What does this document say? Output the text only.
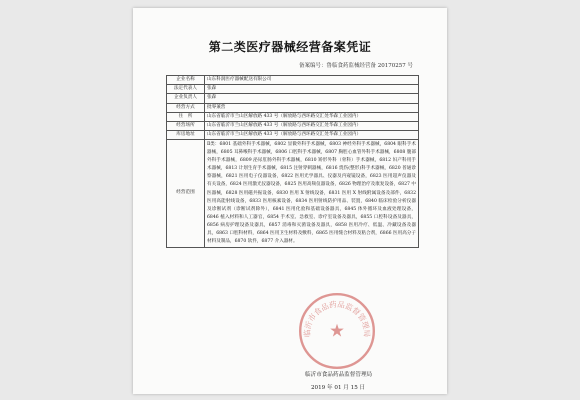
第二类医疗器械经营备案凭证
备案编号：鲁临食药监械经营备 20170257 号
企业名称	山东科润医疗器械配送有限公司
法定代表人	张森
企业负责人	张森
经营方式	批零兼营
住　所	山东省临沂市兰山区解放路 433 号（解放路与西环路交汇处华森工业园内）
经营场所	山东省临沂市兰山区解放路 433 号（解放路与西环路交汇处华森工业园内）
库房地址	山东省临沂市兰山区解放路 433 号（解放路与西环路交汇处华森工业园内）
经营范围	Ⅱ类：6801 基础外科手术器械，6802 显微外科手术器械，6803 神经外科手术器械，6804 眼科手术器械，6805 耳鼻喉科手术器械，6806 口腔科手术器械，6807 胸腔心血管外科手术器械，6808 腹部外科手术器械，6809 泌尿肛肠外科手术器械，6810 矫形外科（骨科）手术器械，6812 妇产科用手术器械，6813 计划生育手术器械，6815 注射穿刺器械，6816 烧伤(整形)科手术器械，6820 普通诊察器械，6821 医用电子仪器设备，6822 医用光学器具、仪器及内窥镜设备，6823 医用超声仪器及有关设备，6824 医用激光仪器设备，6825 医用高频仪器设备，6826 物理治疗及康复设备，6827 中医器械，6828 医用磁共振设备，6830 医用 X 射线设备，6831 医用 X 射线附属设备及部件，6832 医用高能射线设备，6833 医用核素设备，6834 医用射线防护用品、装置，6840 临床检验分析仪器及诊断试剂（诊断试剂除外），6841 医用化验和基础设备器具，6845 体外循环及血液处理设备，6846 植入材料和人工器官，6854 手术室、急救室、诊疗室设备及器具，6855 口腔科设备及器具，6856 病房护理设备及器具，6857 消毒和灭菌设备及器具，6858 医用冷疗、低温、冷藏设备及器具，6863 口腔科材料，6864 医用卫生材料及敷料，6865 医用缝合材料及粘合剂，6866 医用高分子材料及制品，6870 软件，6877 介入器材。
临沂市食品药品监督管理局
★
临沂市食品药品监督管理局
2019 年 01 月 15 日
